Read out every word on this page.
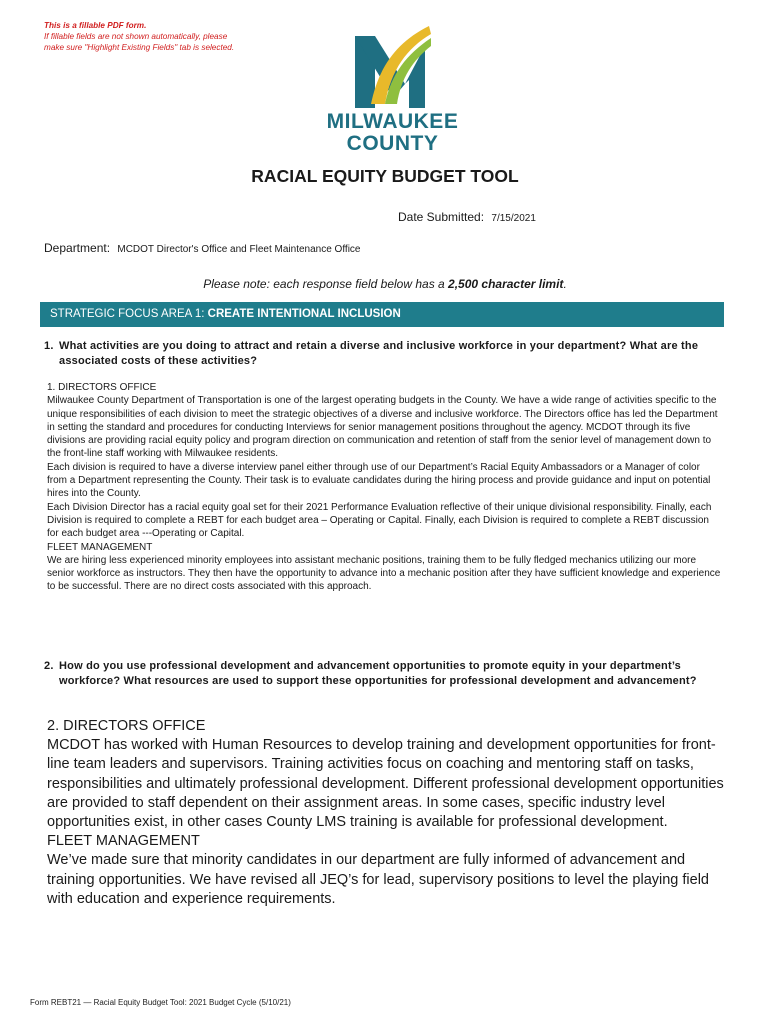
This is a fillable PDF form.
If fillable fields are not shown automatically, please
make sure "Highlight Existing Fields" tab is selected.
MILWAUKEE
COUNTY
RACIAL EQUITY BUDGET TOOL
Date Submitted: 7/15/2021
Department: MCDOT Director's Office and Fleet Maintenance Office
Please note: each response field below has a 2,500 character limit.
STRATEGIC FOCUS AREA 1: CREATE INTENTIONAL INCLUSION
1. What activities are you doing to attract and retain a diverse and inclusive workforce in your department? What are the associated costs of these activities?
1. DIRECTORS OFFICE
Milwaukee County Department of Transportation is one of the largest operating budgets in the County. We have a wide range of activities specific to the unique responsibilities of each division to meet the strategic objectives of a diverse and inclusive workforce. The Directors office has led the Department in setting the standard and procedures for conducting Interviews for senior management positions throughout the agency. MCDOT through its five divisions are providing racial equity policy and program direction on communication and retention of staff from the senior level of management down to the front-line staff working with Milwaukee residents.
Each division is required to have a diverse interview panel either through use of our Department’s Racial Equity Ambassadors or a Manager of color from a Department representing the County. Their task is to evaluate candidates during the hiring process and provide guidance and input on potential hires into the County.
Each Division Director has a racial equity goal set for their 2021 Performance Evaluation reflective of their unique divisional responsibility. Finally, each Division is required to complete a REBT for each budget area – Operating or Capital. Finally, each Division is required to complete a REBT discussion for each budget area ---Operating or Capital.
FLEET MANAGEMENT
We are hiring less experienced minority employees into assistant mechanic positions, training them to be fully fledged mechanics utilizing our more senior workforce as instructors. They then have the opportunity to advance into a mechanic position after they have sufficient knowledge and experience to be successful. There are no direct costs associated with this approach.
2. How do you use professional development and advancement opportunities to promote equity in your department’s workforce? What resources are used to support these opportunities for professional development and advancement?
2. DIRECTORS OFFICE
MCDOT has worked with Human Resources to develop training and development opportunities for front-line team leaders and supervisors. Training activities focus on coaching and mentoring staff on tasks, responsibilities and ultimately professional development. Different professional development opportunities are provided to staff dependent on their assignment areas. In some cases, specific industry level opportunities exist, in other cases County LMS training is available for professional development.
FLEET MANAGEMENT
We’ve made sure that minority candidates in our department are fully informed of advancement and training opportunities. We have revised all JEQ’s for lead, supervisory positions to level the playing field with education and experience requirements.
Form REBT21 — Racial Equity Budget Tool: 2021 Budget Cycle (5/10/21)
